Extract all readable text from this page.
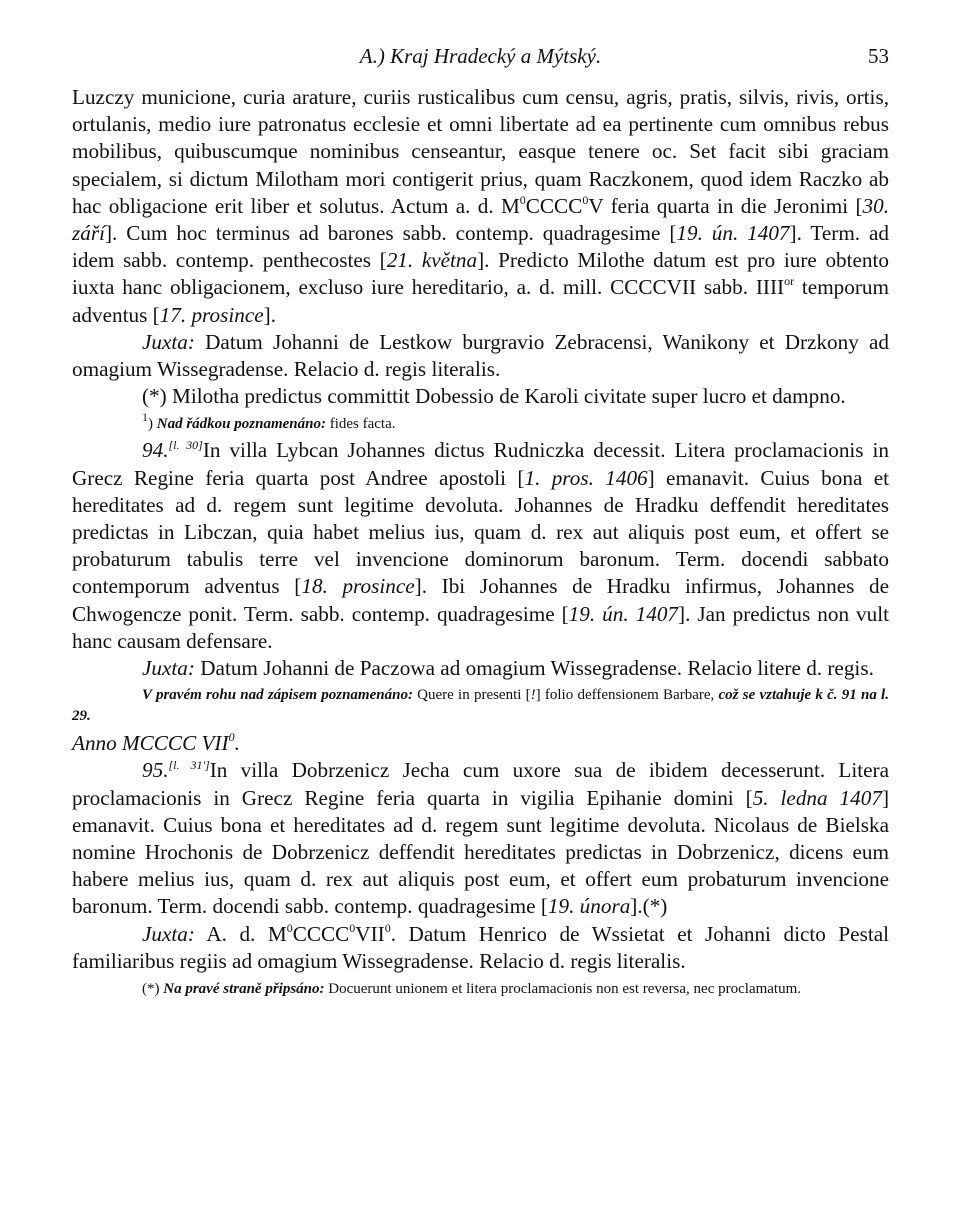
A.) Kraj Hradecký a Mýtský.	53

Luzczy municione, curia arature, curiis rusticalibus cum censu, agris, pratis, silvis, rivis, ortis, ortulanis, medio iure patronatus ecclesie et omni libertate ad ea pertinente cum omnibus rebus mobilibus, quibuscumque nominibus censeantur, easque tenere oc. Set facit sibi graciam specialem, si dictum Milotham mori contigerit prius, quam Raczkonem, quod idem Raczko ab hac obligacione erit liber et solutus. Actum a. d. $M^0CCCC^0V$ feria quarta in die Jeronimi [30. září]. Cum hoc terminus ad barones sabb. contemp. quadragesime [19. ún. 1407]. Term. ad idem sabb. contemp. penthecostes [21. května]. Predicto Milothe datum est pro iure obtento iuxta hanc obligacionem, excluso iure hereditario, a. d. mill. CCCCVII sabb. $IIII^{or}$ temporum adventus [17. prosince].

Juxta: Datum Johanni de Lestkow burgravio Zebracensi, Wanikony et Drzkony ad omagium Wissegradense. Relacio d. regis literalis.

(*) Milotha predictus committit Dobessio de Karoli civitate super lucro et dampno.

$^1$) Nad řádkou poznamenáno: fides facta.

94.[l. 30]In villa Lybcan Johannes dictus Rudniczka decessit. Litera proclamacionis in Grecz Regine feria quarta post Andree apostoli [1. pros. 1406] emanavit. Cuius bona et hereditates ad d. regem sunt legitime devoluta. Johannes de Hradku deffendit hereditates predictas in Libczan, quia habet melius ius, quam d. rex aut aliquis post eum, et offert se probaturum tabulis terre vel invencione dominorum baronum. Term. docendi sabbato contemporum adventus [18. prosince]. Ibi Johannes de Hradku infirmus, Johannes de Chwogencze ponit. Term. sabb. contemp. quadragesime [19. ún. 1407]. Jan predictus non vult hanc causam defensare.

Juxta: Datum Johanni de Paczowa ad omagium Wissegradense. Relacio litere d. regis.

V pravém rohu nad zápisem poznamenáno: Quere in presenti [!] folio deffensionem Barbare, což se vztahuje k č. 91 na l. 29.

Anno MCCCC VII$^0$.

95.[l. 31']In villa Dobrzenicz Jecha cum uxore sua de ibidem decesserunt. Litera proclamacionis in Grecz Regine feria quarta in vigilia Epihanie domini [5. ledna 1407] emanavit. Cuius bona et hereditates ad d. regem sunt legitime devoluta. Nicolaus de Bielska nomine Hrochonis de Dobrzenicz deffendit hereditates predictas in Dobrzenicz, dicens eum habere melius ius, quam d. rex aut aliquis post eum, et offert eum probaturum invencione baronum. Term. docendi sabb. contemp. quadragesime [19. února].(*)

Juxta: A. d. $M^0CCCC^0VII^0$. Datum Henrico de Wssietat et Johanni dicto Pestal familiaribus regiis ad omagium Wissegradense. Relacio d. regis literalis.

(*) Na pravé straně připsáno: Docuerunt unionem et litera proclamacionis non est reversa, nec proclamatum.
